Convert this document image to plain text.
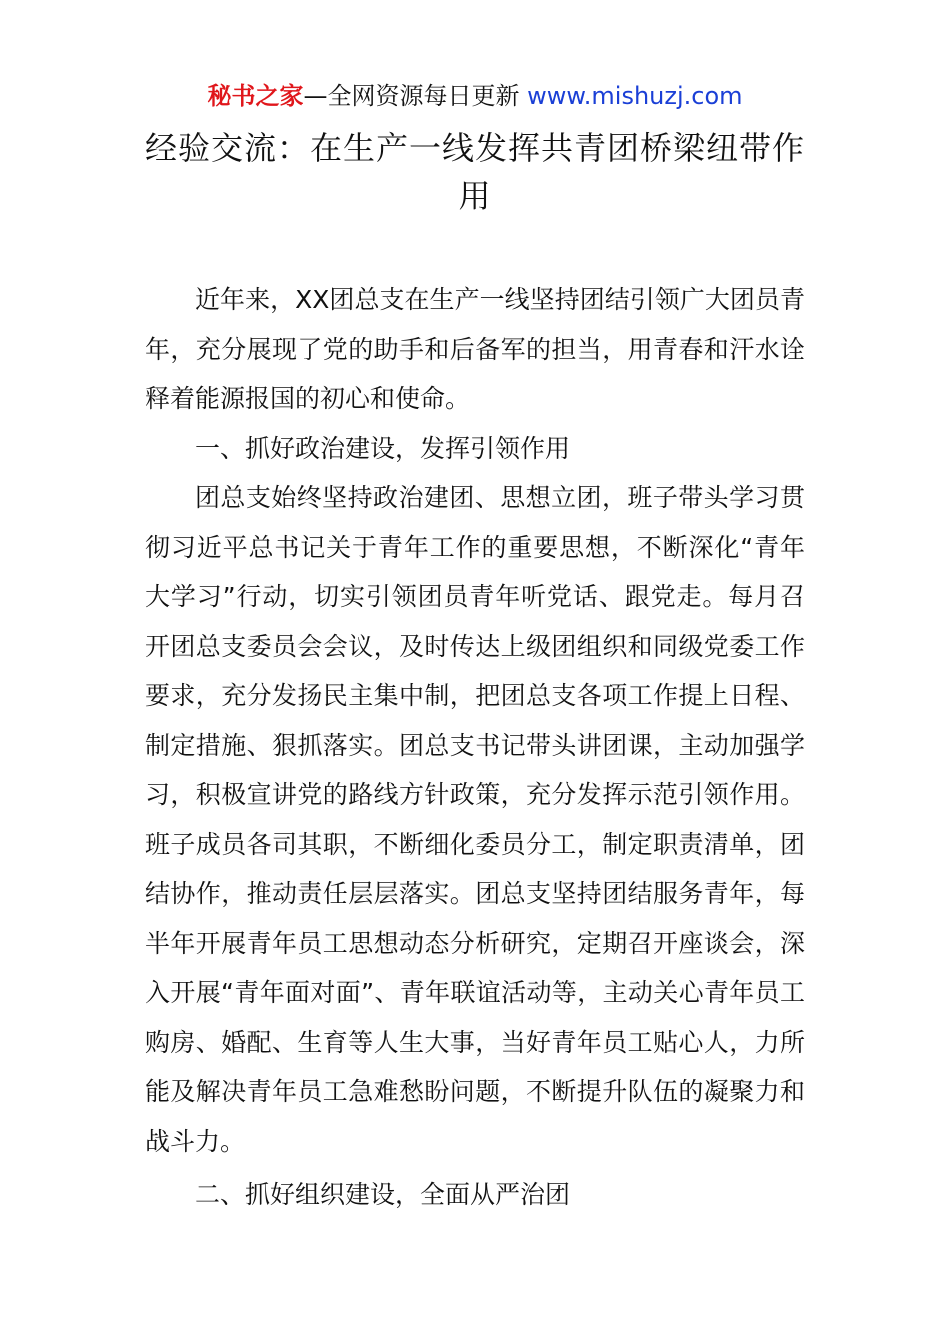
秘书之家—全网资源每日更新 www.mishuzj.com
经验交流：在生产一线发挥共青团桥梁纽带作用

近年来，XX团总支在生产一线坚持团结引领广大团员青年，充分展现了党的助手和后备军的担当，用青春和汗水诠释着能源报国的初心和使命。

一、抓好政治建设，发挥引领作用

团总支始终坚持政治建团、思想立团，班子带头学习贯彻习近平总书记关于青年工作的重要思想，不断深化“青年大学习”行动，切实引领团员青年听党话、跟党走。每月召开团总支委员会会议，及时传达上级团组织和同级党委工作要求，充分发扬民主集中制，把团总支各项工作提上日程、制定措施、狠抓落实。团总支书记带头讲团课，主动加强学习，积极宣讲党的路线方针政策，充分发挥示范引领作用。班子成员各司其职，不断细化委员分工，制定职责清单，团结协作，推动责任层层落实。团总支坚持团结服务青年，每半年开展青年员工思想动态分析研究，定期召开座谈会，深入开展“青年面对面”、青年联谊活动等，主动关心青年员工购房、婚配、生育等人生大事，当好青年员工贴心人，力所能及解决青年员工急难愁盼问题，不断提升队伍的凝聚力和战斗力。

二、抓好组织建设，全面从严治团
